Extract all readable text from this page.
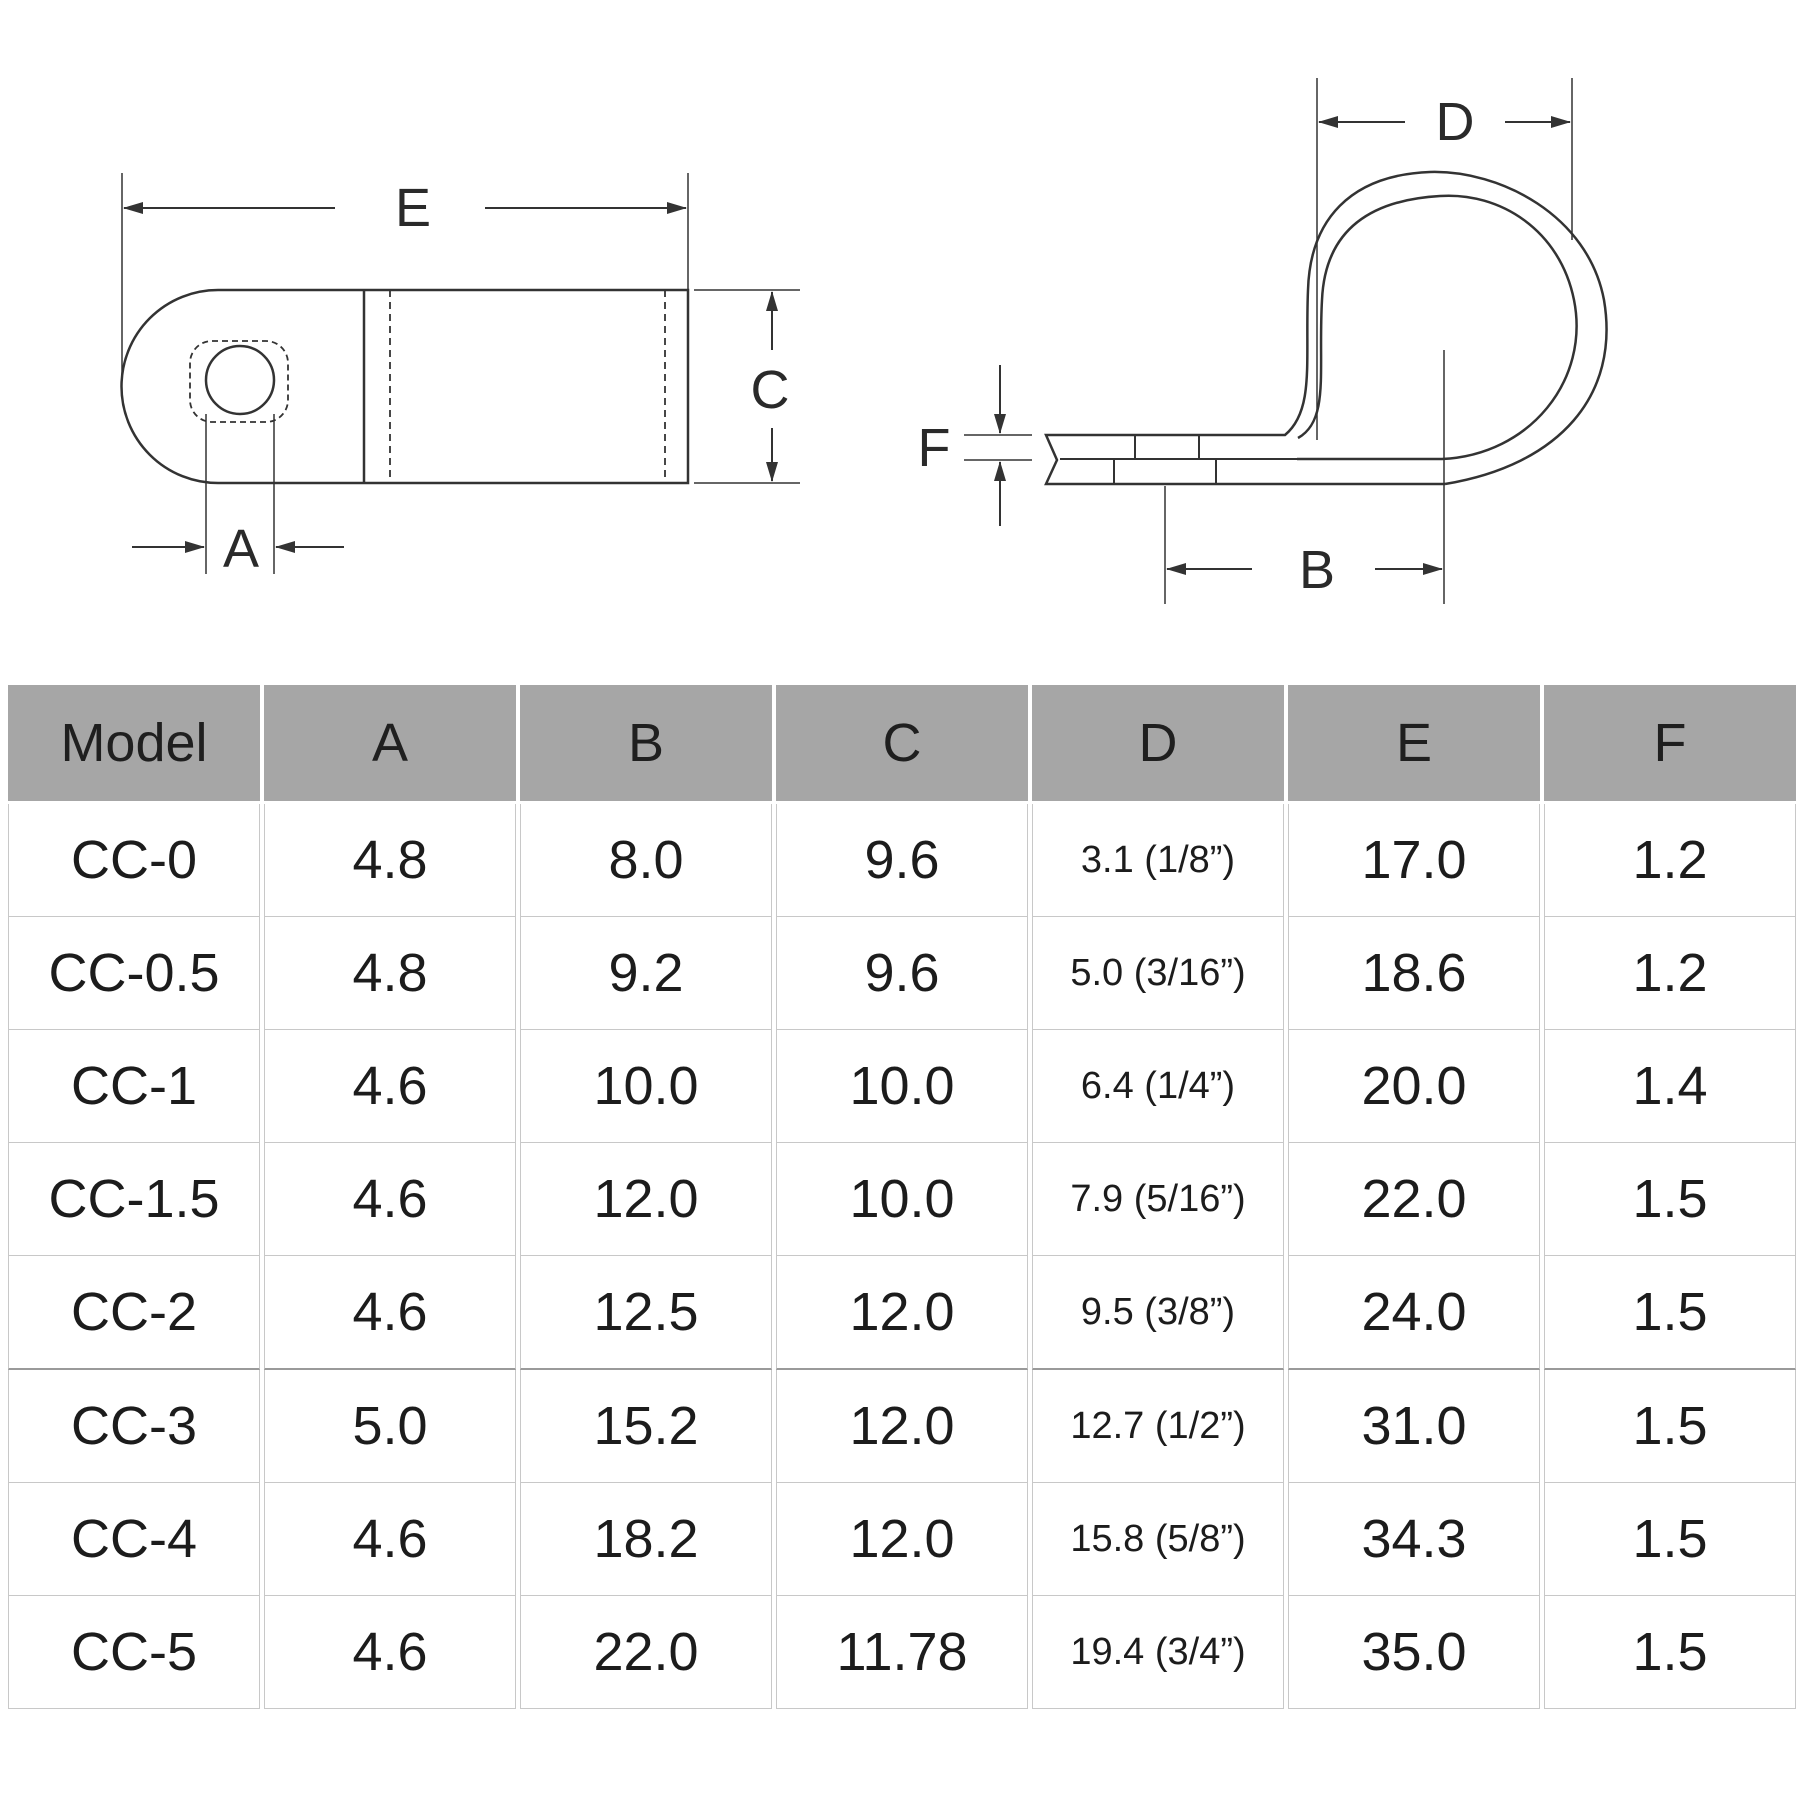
E
C
A
D
B
F
Model	A	B	C	D	E	F
CC-0	4.8	8.0	9.6	3.1 (1/8”)	17.0	1.2
CC-0.5	4.8	9.2	9.6	5.0 (3/16”)	18.6	1.2
CC-1	4.6	10.0	10.0	6.4 (1/4”)	20.0	1.4
CC-1.5	4.6	12.0	10.0	7.9 (5/16”)	22.0	1.5
CC-2	4.6	12.5	12.0	9.5 (3/8”)	24.0	1.5
CC-3	5.0	15.2	12.0	12.7 (1/2”)	31.0	1.5
CC-4	4.6	18.2	12.0	15.8 (5/8”)	34.3	1.5
CC-5	4.6	22.0	11.78	19.4 (3/4”)	35.0	1.5
